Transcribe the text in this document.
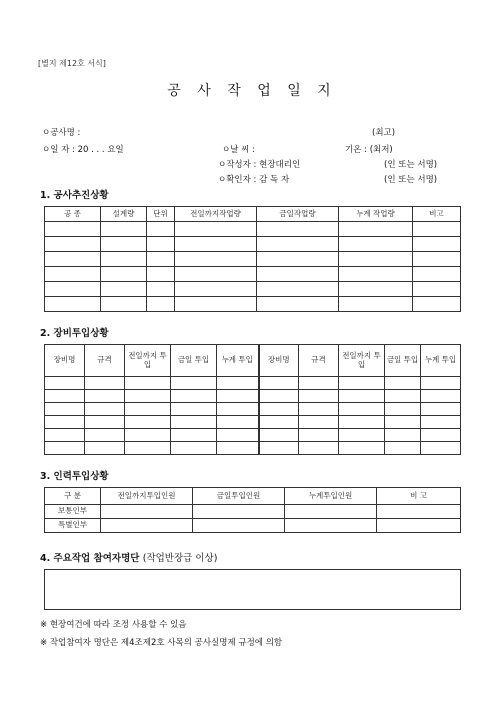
[별지 제12호 서식]
공 사 작 업 일 지
ㅇ공사명 :	(최고)
ㅇ일 자 : 20 . . . 요일	ㅇ날 씨 :	기온 : (최저)
ㅇ작성자 : 현장대리인	(인 또는 서명)
ㅇ확인자 : 감 독 자	(인 또는 서명)
1. 공사추진상황
공 종	설계량	단위	전일까지작업량	금일작업량	누계 작업량	비고

2. 장비투입상황
장비명	규격	전일까지 투입	금일 투입	누계 투입	장비명	규격	전일까지 투입	금일 투입	누계 투입

3. 인력투입상황
구 분	전일까지투입인원	금일투입인원	누계투입인원	비 고
보통인부				
특별인부				
4. 주요작업 참여자명단 (작업반장급 이상)
※ 현장여건에 따라 조정 사용할 수 있음
※ 작업참여자 명단은 제4조제2호 사목의 공사실명제 규정에 의함
